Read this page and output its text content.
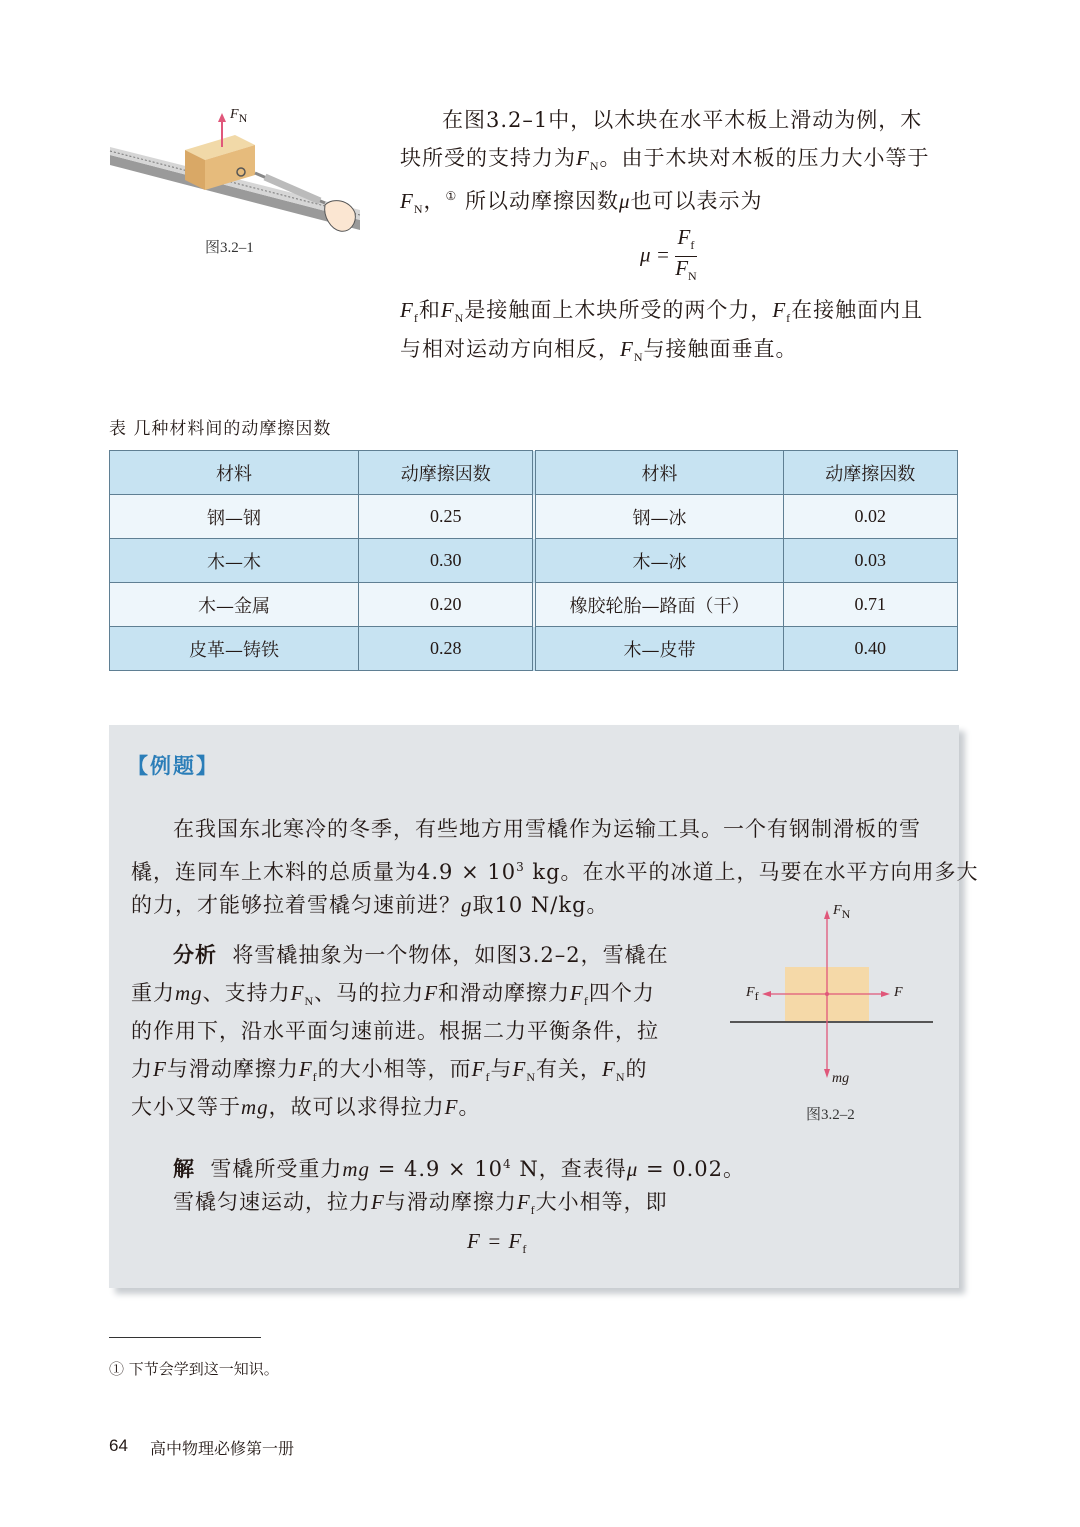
$F_N$
图3.2–1
在图3.2–1中，以木块在水平木板上滑动为例，木
块所受的支持力为$F_N$。由于木块对木板的压力大小等于
$F_N$，① 所以动摩擦因数μ也可以表示为
$\mu = \frac{F_f}{F_N}$
$F_f$和$F_N$是接触面上木块所受的两个力，$F_f$在接触面内且
与相对运动方向相反，$F_N$与接触面垂直。
表 几种材料间的动摩擦因数
材料	动摩擦因数	材料	动摩擦因数
钢—钢	0.25	钢—冰	0.02
木—木	0.30	木—冰	0.03
木—金属	0.20	橡胶轮胎—路面（干）	0.71
皮革—铸铁	0.28	木—皮带	0.40
【例题】
在我国东北寒冷的冬季，有些地方用雪橇作为运输工具。一个有钢制滑板的雪
橇，连同车上木料的总质量为$4.9 \times 10^3$ kg。在水平的冰道上，马要在水平方向用多大
的力，才能够拉着雪橇匀速前进？g取10 N/kg。
分析 将雪橇抽象为一个物体，如图3.2–2，雪橇在
重力mg、支持力$F_N$、马的拉力F和滑动摩擦力$F_f$四个力
的作用下，沿水平面匀速前进。根据二力平衡条件，拉
力F与滑动摩擦力$F_f$的大小相等，而$F_f$与$F_N$有关，$F_N$的
大小又等于mg，故可以求得拉力F。
解 雪橇所受重力mg = $4.9 \times 10^4$ N，查表得μ = 0.02。
雪橇匀速运动，拉力F与滑动摩擦力$F_f$大小相等，即
$F = F_f$
$F_N$
$F_f$	F
mg
图3.2–2
① 下节会学到这一知识。
64 高中物理必修第一册
